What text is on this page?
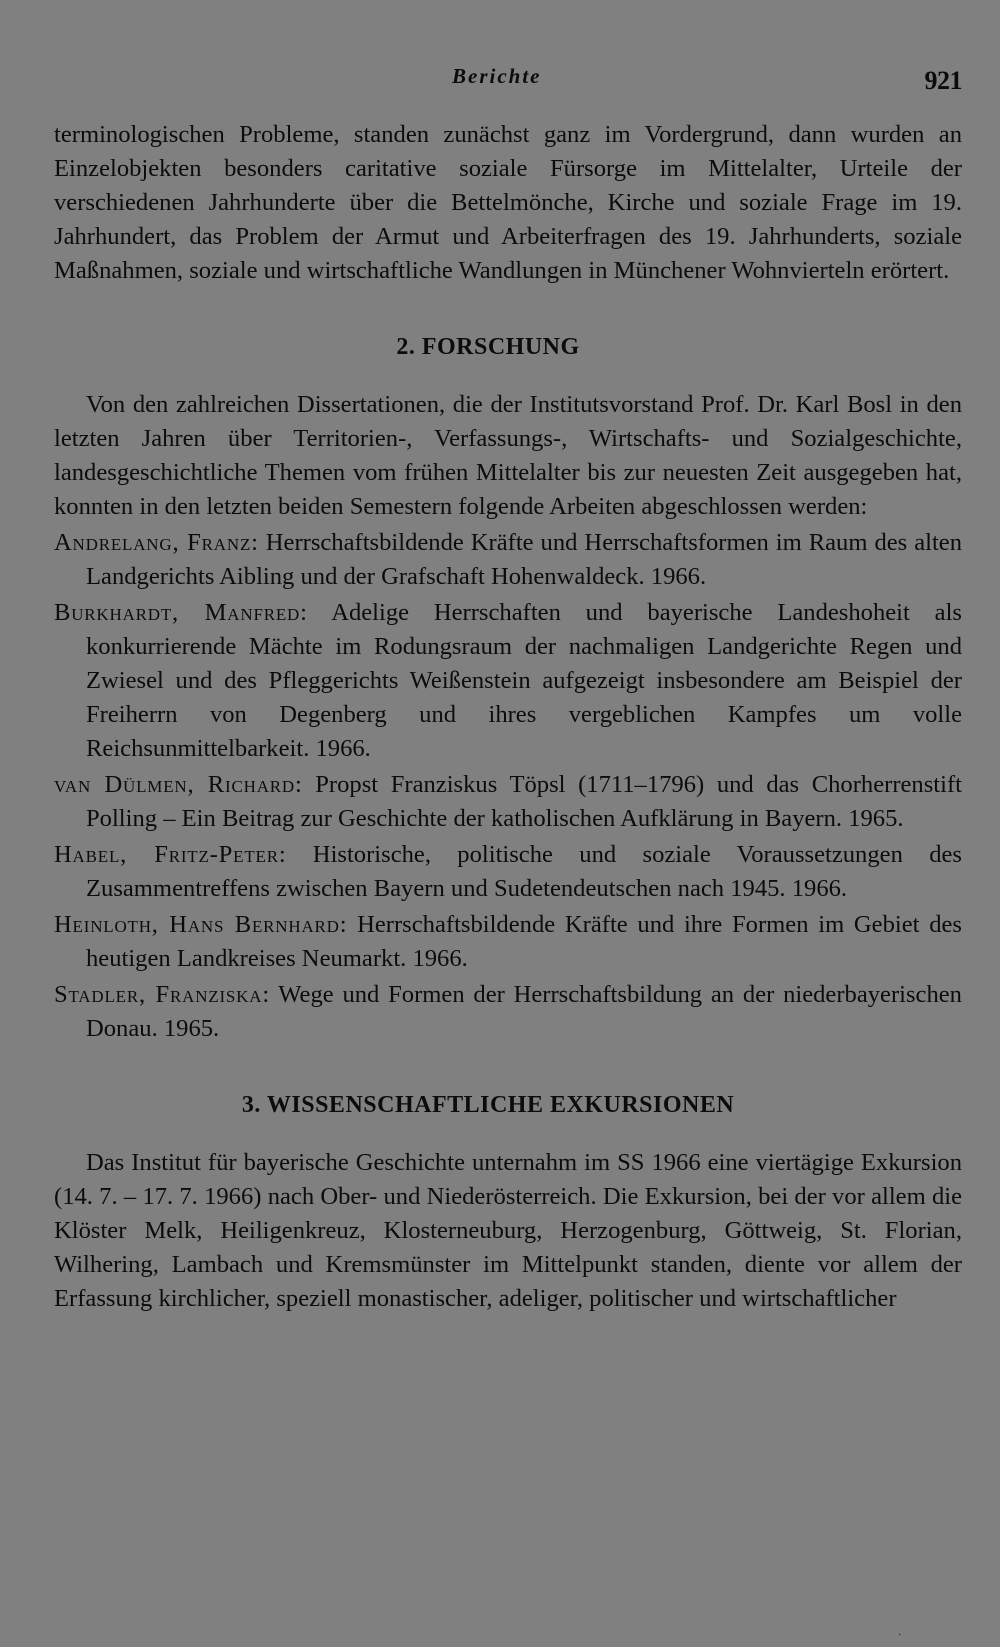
Berichte	921

terminologischen Probleme, standen zunächst ganz im Vordergrund, dann wurden an Einzelobjekten besonders caritative soziale Fürsorge im Mittelalter, Urteile der verschiedenen Jahrhunderte über die Bettelmönche, Kirche und soziale Frage im 19. Jahrhundert, das Problem der Armut und Arbeiterfragen des 19. Jahrhunderts, soziale Maßnahmen, soziale und wirtschaftliche Wandlungen in Münchener Wohnvierteln erörtert.

2. FORSCHUNG

Von den zahlreichen Dissertationen, die der Institutsvorstand Prof. Dr. Karl Bosl in den letzten Jahren über Territorien-, Verfassungs-, Wirtschafts- und Sozialgeschichte, landesgeschichtliche Themen vom frühen Mittelalter bis zur neuesten Zeit ausgegeben hat, konnten in den letzten beiden Semestern folgende Arbeiten abgeschlossen werden:

Andrelang, Franz: Herrschaftsbildende Kräfte und Herrschaftsformen im Raum des alten Landgerichts Aibling und der Grafschaft Hohenwaldeck. 1966.

Burkhardt, Manfred: Adelige Herrschaften und bayerische Landeshoheit als konkurrierende Mächte im Rodungsraum der nachmaligen Landgerichte Regen und Zwiesel und des Pfleggerichts Weißenstein aufgezeigt insbesondere am Beispiel der Freiherrn von Degenberg und ihres vergeblichen Kampfes um volle Reichsunmittelbarkeit. 1966.

van Dülmen, Richard: Propst Franziskus Töpsl (1711–1796) und das Chorherrenstift Polling – Ein Beitrag zur Geschichte der katholischen Aufklärung in Bayern. 1965.

Habel, Fritz-Peter: Historische, politische und soziale Voraussetzungen des Zusammentreffens zwischen Bayern und Sudetendeutschen nach 1945. 1966.

Heinloth, Hans Bernhard: Herrschaftsbildende Kräfte und ihre Formen im Gebiet des heutigen Landkreises Neumarkt. 1966.

Stadler, Franziska: Wege und Formen der Herrschaftsbildung an der niederbayerischen Donau. 1965.

3. WISSENSCHAFTLICHE EXKURSIONEN

Das Institut für bayerische Geschichte unternahm im SS 1966 eine viertägige Exkursion (14. 7. – 17. 7. 1966) nach Ober- und Niederösterreich. Die Exkursion, bei der vor allem die Klöster Melk, Heiligenkreuz, Klosterneuburg, Herzogenburg, Göttweig, St. Florian, Wilhering, Lambach und Kremsmünster im Mittelpunkt standen, diente vor allem der Erfassung kirchlicher, speziell monastischer, adeliger, politischer und wirtschaftlicher

·
